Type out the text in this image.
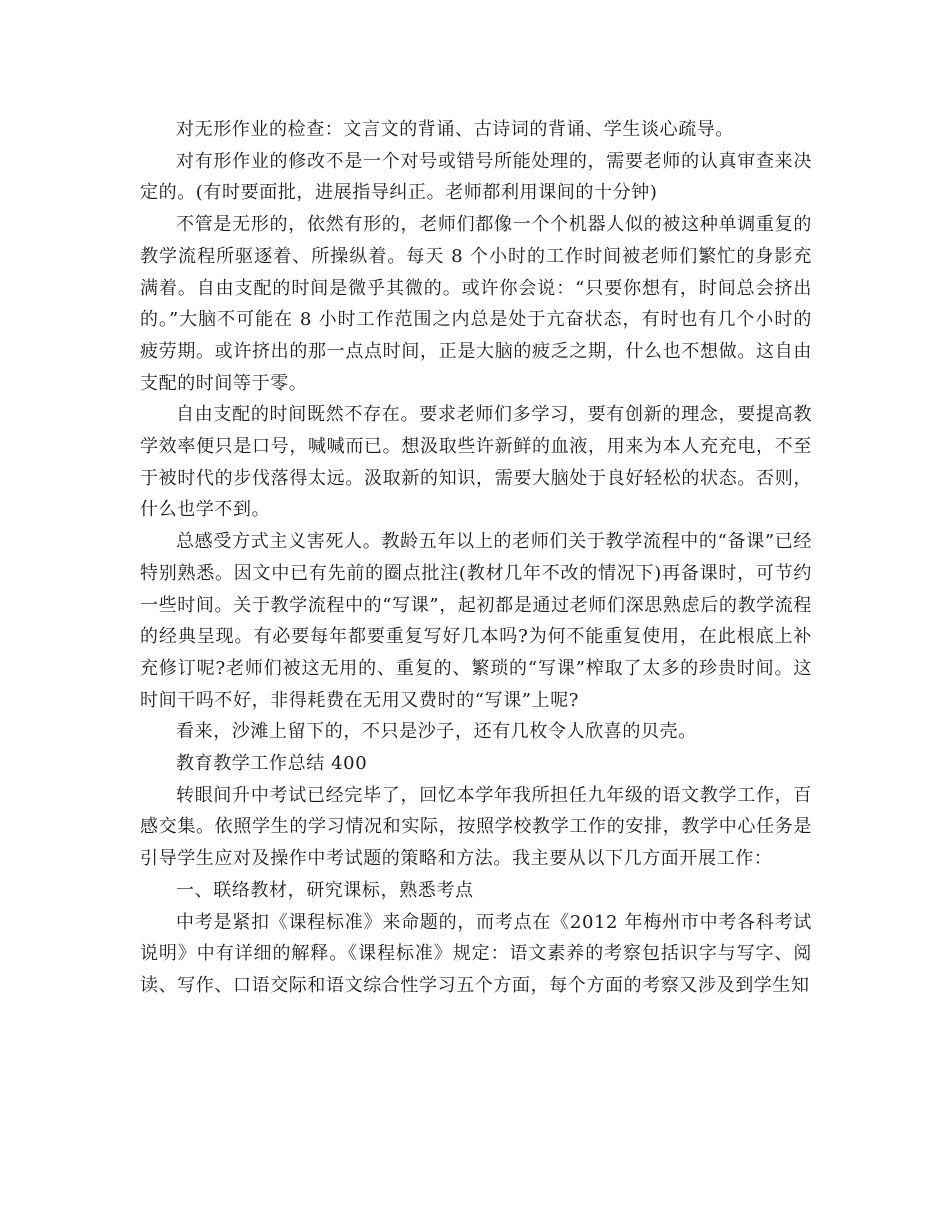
对无形作业的检查：文言文的背诵、古诗词的背诵、学生谈心疏导。

对有形作业的修改不是一个对号或错号所能处理的，需要老师的认真审查来决定的。(有时要面批，进展指导纠正。老师都利用课间的十分钟)

不管是无形的，依然有形的，老师们都像一个个机器人似的被这种单调重复的教学流程所驱逐着、所操纵着。每天 8 个小时的工作时间被老师们繁忙的身影充满着。自由支配的时间是微乎其微的。或许你会说：“只要你想有，时间总会挤出的。”大脑不可能在 8 小时工作范围之内总是处于亢奋状态，有时也有几个小时的疲劳期。或许挤出的那一点点时间，正是大脑的疲乏之期，什么也不想做。这自由支配的时间等于零。

自由支配的时间既然不存在。要求老师们多学习，要有创新的理念，要提高教学效率便只是口号，喊喊而已。想汲取些许新鲜的血液，用来为本人充充电，不至于被时代的步伐落得太远。汲取新的知识，需要大脑处于良好轻松的状态。否则，什么也学不到。

总感受方式主义害死人。教龄五年以上的老师们关于教学流程中的“备课”已经特别熟悉。因文中已有先前的圈点批注(教材几年不改的情况下)再备课时，可节约一些时间。关于教学流程中的“写课”，起初都是通过老师们深思熟虑后的教学流程的经典呈现。有必要每年都要重复写好几本吗?为何不能重复使用，在此根底上补充修订呢?老师们被这无用的、重复的、繁琐的“写课”榨取了太多的珍贵时间。这时间干吗不好，非得耗费在无用又费时的“写课”上呢?

看来，沙滩上留下的，不只是沙子，还有几枚令人欣喜的贝壳。

教育教学工作总结 400

转眼间升中考试已经完毕了，回忆本学年我所担任九年级的语文教学工作，百感交集。依照学生的学习情况和实际，按照学校教学工作的安排，教学中心任务是引导学生应对及操作中考试题的策略和方法。我主要从以下几方面开展工作：

一、联络教材，研究课标，熟悉考点

中考是紧扣《课程标准》来命题的，而考点在《2012 年梅州市中考各科考试说明》中有详细的解释。《课程标准》规定：语文素养的考察包括识字与写字、阅读、写作、口语交际和语文综合性学习五个方面，每个方面的考察又涉及到学生知
